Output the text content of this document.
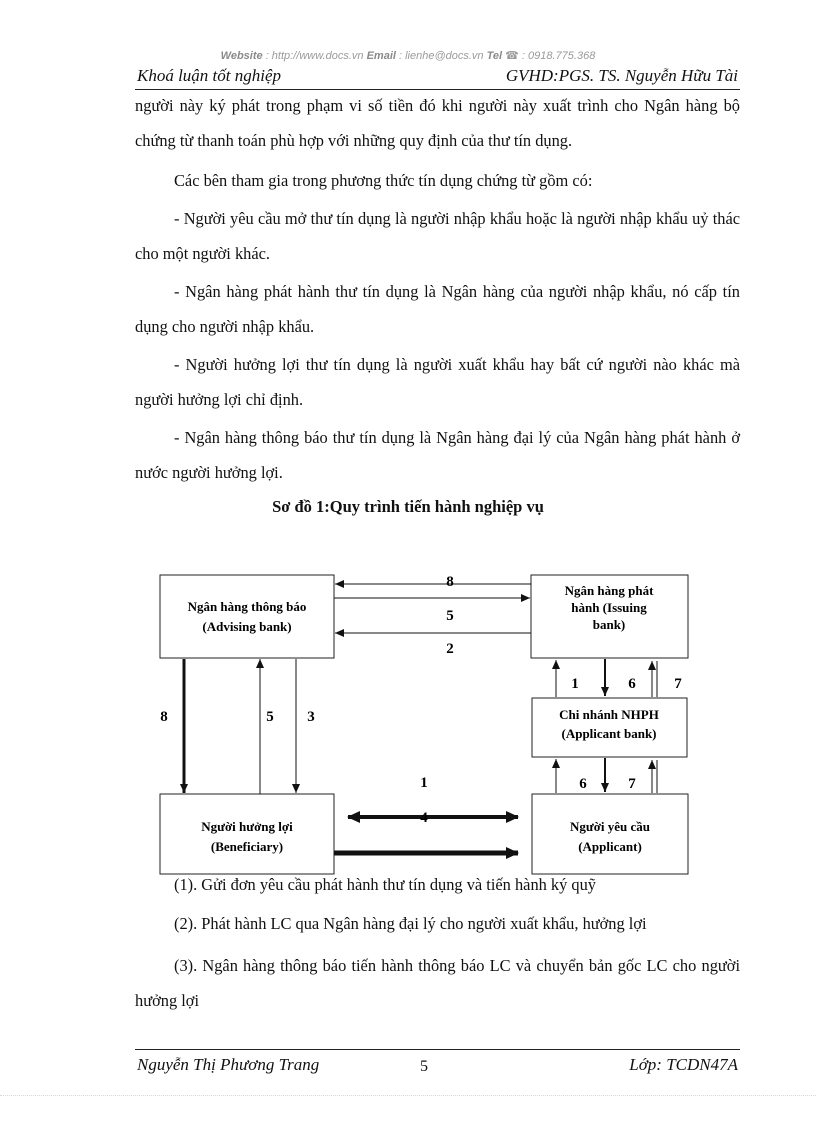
Website : http://www.docs.vn Email : lienhe@docs.vn Tel ☎ : 0918.775.368
Khoá luận tốt nghiệp	GVHD:PGS. TS. Nguyễn Hữu Tài
người này ký phát trong phạm vi số tiền đó khi người này xuất trình cho Ngân hàng bộ chứng từ thanh toán phù hợp với những quy định của thư tín dụng.
Các bên tham gia trong phương thức tín dụng chứng từ gồm có:
- Người yêu cầu mở thư tín dụng là người nhập khẩu hoặc là người nhập khẩu uỷ thác cho một người khác.
- Ngân hàng phát hành thư tín dụng là Ngân hàng của người nhập khẩu, nó cấp tín dụng cho người nhập khẩu.
- Người hưởng lợi thư tín dụng là người xuất khẩu hay bất cứ người nào khác mà người hưởng lợi chỉ định.
- Ngân hàng thông báo thư tín dụng là Ngân hàng đại lý của Ngân hàng phát hành ở nước người hưởng lợi.
Sơ đồ 1:Quy trình tiến hành nghiệp vụ
Ngân hàng thông báo
(Advising bank)
Ngân hàng phát
hành (Issuing
bank)
Chi nhánh NHPH
(Applicant bank)
Người hưởng lợi
(Beneficiary)
Người yêu cầu
(Applicant)
8
5
2
8	5 3
1	6	7
6	7
1
4
(1). Gửi đơn yêu cầu phát hành thư tín dụng và tiến hành ký quỹ
(2). Phát hành LC qua Ngân hàng đại lý cho người xuất khẩu, hưởng lợi
(3). Ngân hàng thông báo tiến hành thông báo LC và chuyển bản gốc LC cho người hưởng lợi
Nguyễn Thị Phương Trang	5	Lớp: TCDN47A
